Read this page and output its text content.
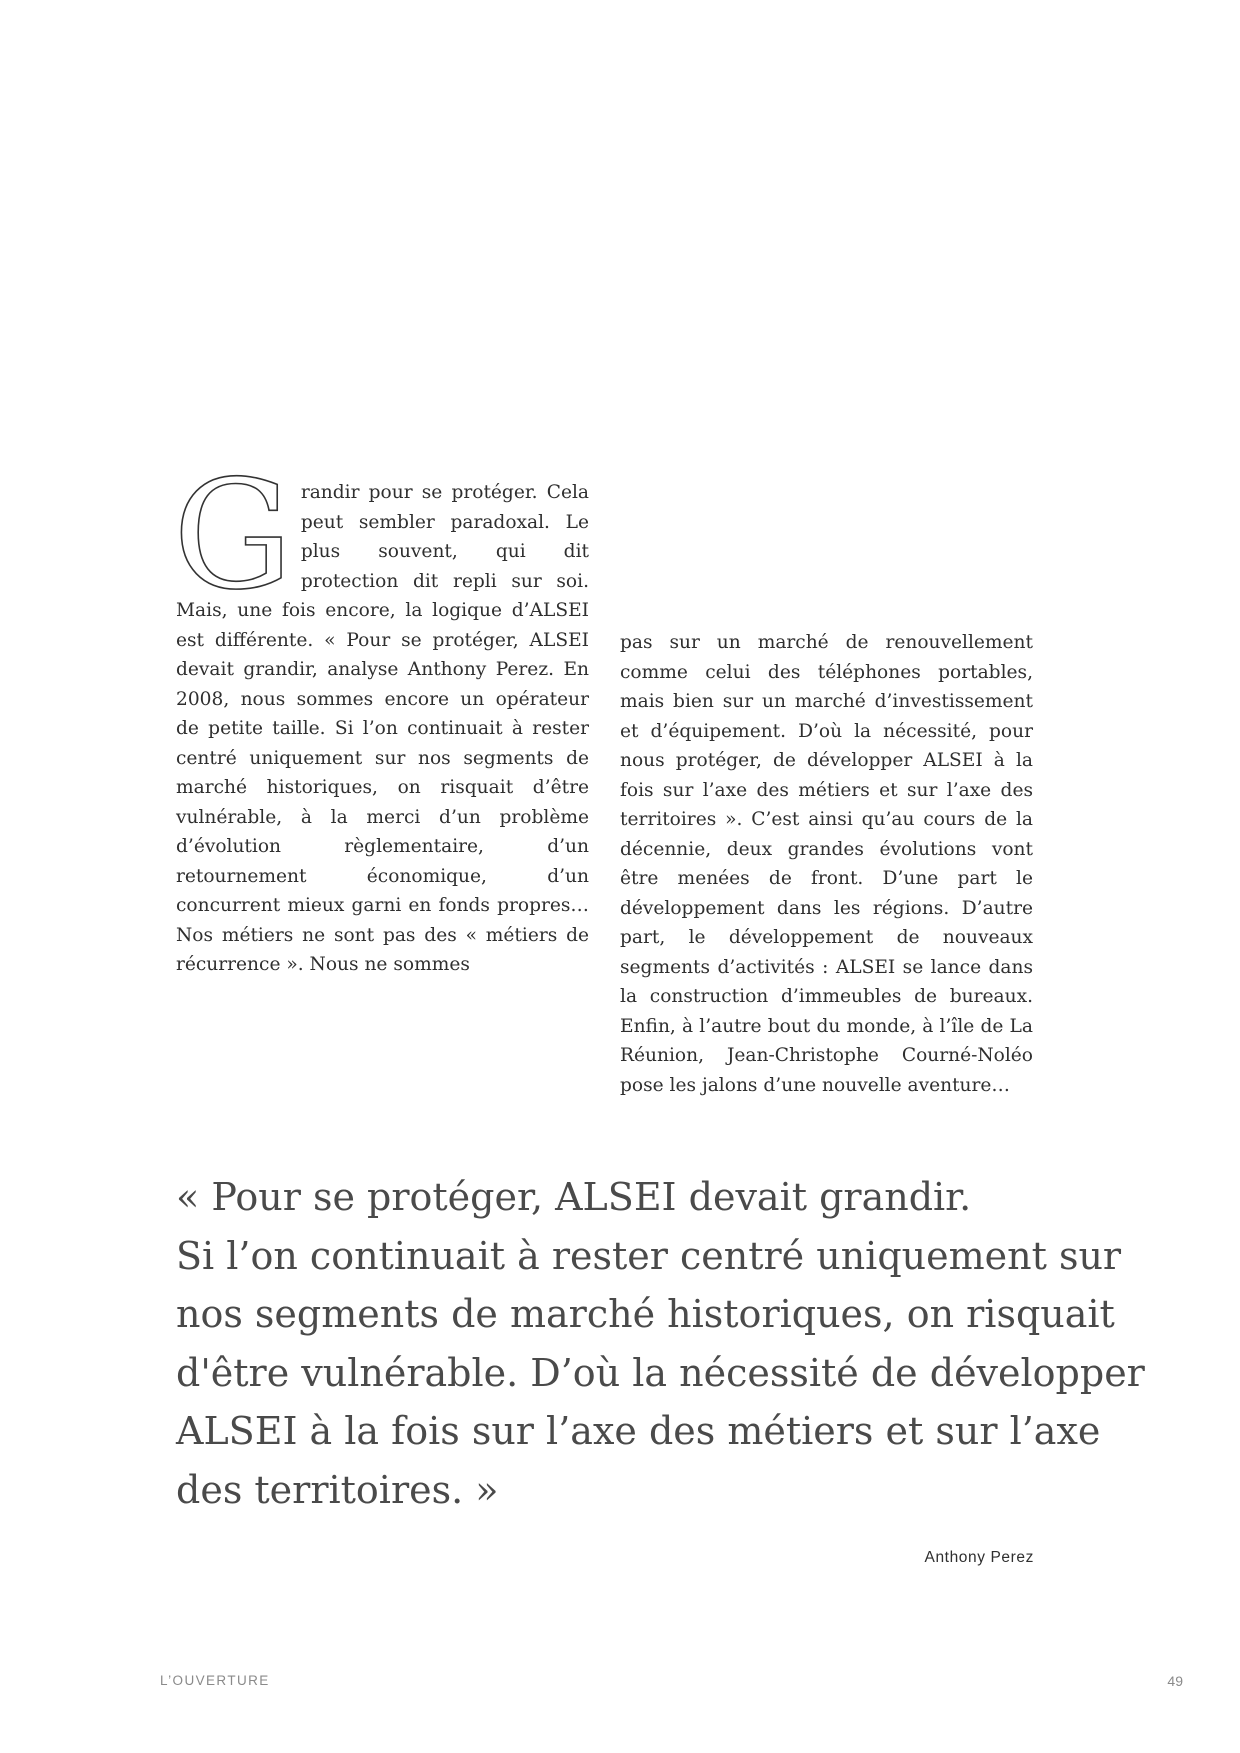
G randir pour se protéger. Cela peut sembler paradoxal. Le plus souvent, qui dit protection dit repli sur soi. Mais, une fois encore, la logique d’ALSEI est différente. « Pour se protéger, ALSEI devait grandir, analyse Anthony Perez. En 2008, nous sommes encore un opérateur de petite taille. Si l’on continuait à rester centré uniquement sur nos segments de marché historiques, on risquait d’être vulnérable, à la merci d’un problème d’évolution règlementaire, d’un retournement économique, d’un concurrent mieux garni en fonds propres… Nos métiers ne sont pas des « métiers de récurrence ». Nous ne sommes

pas sur un marché de renouvellement comme celui des téléphones portables, mais bien sur un marché d’investissement et d’équipement. D’où la nécessité, pour nous protéger, de développer ALSEI à la fois sur l’axe des métiers et sur l’axe des territoires ». C’est ainsi qu’au cours de la décennie, deux grandes évolutions vont être menées de front. D’une part le développement dans les régions. D’autre part, le développement de nouveaux segments d’activités : ALSEI se lance dans la construction d’immeubles de bureaux. Enfin, à l’autre bout du monde, à l’île de La Réunion, Jean-Christophe Courné-Noléo pose les jalons d’une nouvelle aventure…

« Pour se protéger, ALSEI devait grandir.
Si l’on continuait à rester centré uniquement sur
nos segments de marché historiques, on risquait
d'être vulnérable. D’où la nécessité de développer
ALSEI à la fois sur l’axe des métiers et sur l’axe
des territoires. »
Anthony Perez
L’OUVERTURE	49
